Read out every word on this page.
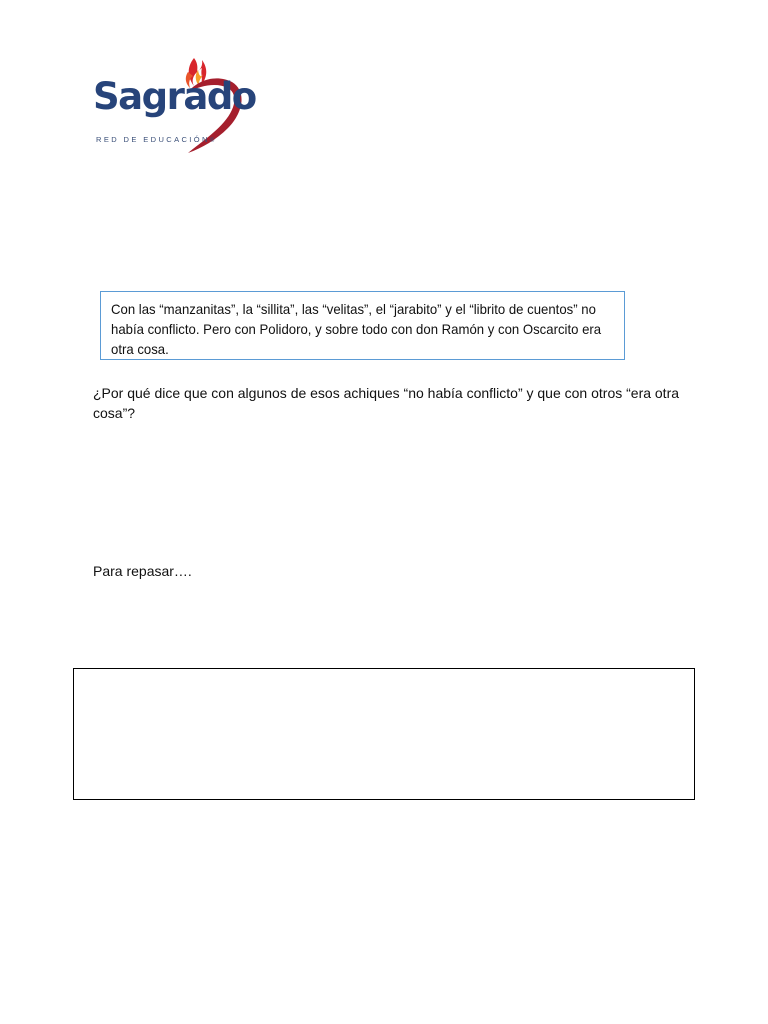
Sagrado
RED DE EDUCACIÓN®
Con las “manzanitas”, la “sillita”, las “velitas”, el “jarabito” y el “librito de cuentos” no había conflicto. Pero con Polidoro, y sobre todo con don Ramón y con Oscarcito era otra cosa.
¿Por qué dice que con algunos de esos achiques “no había conflicto” y que con otros “era otra cosa”?
Para repasar….
